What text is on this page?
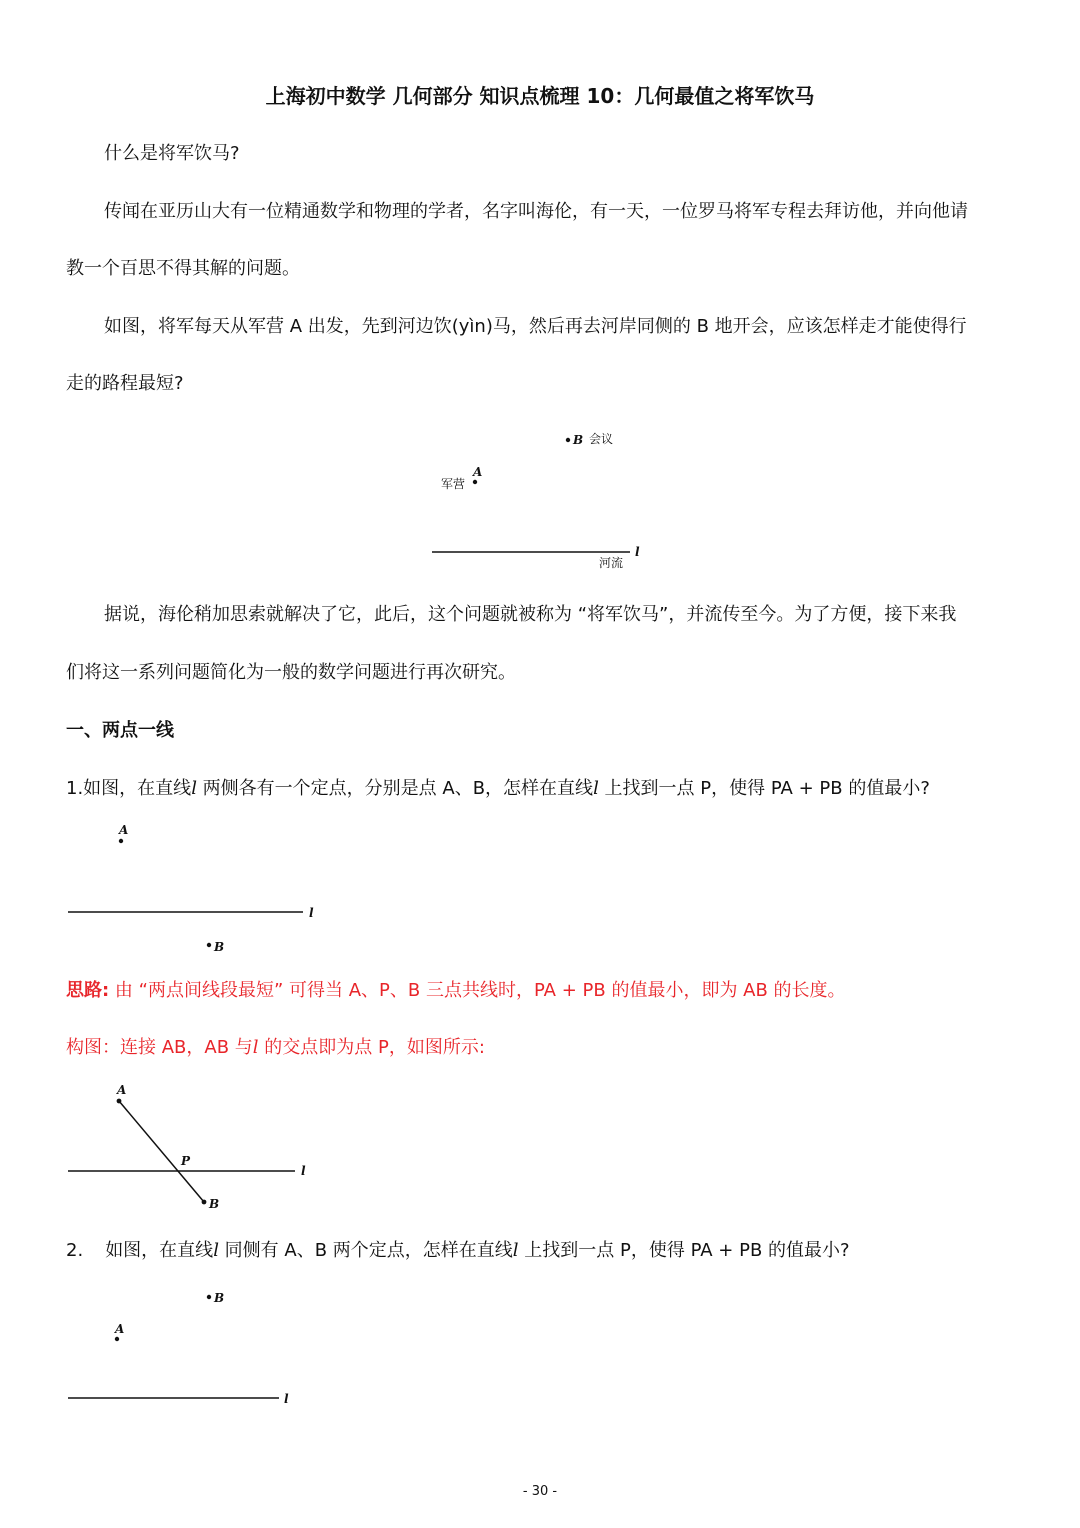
上海初中数学 几何部分 知识点梳理 10：几何最值之将军饮马
什么是将军饮马?
传闻在亚历山大有一位精通数学和物理的学者，名字叫海伦，有一天，一位罗马将军专程去拜访他，并向他请
教一个百思不得其解的问题。
如图，将军每天从军营 A 出发，先到河边饮(yìn)马，然后再去河岸同侧的 B 地开会，应该怎样走才能使得行
走的路程最短?
B 会议
A
军营
l
河流
据说，海伦稍加思索就解决了它，此后，这个问题就被称为 “将军饮马”，并流传至今。为了方便，接下来我
们将这一系列问题简化为一般的数学问题进行再次研究。
一、两点一线
1.如图，在直线l 两侧各有一个定点，分别是点 A、B，怎样在直线l 上找到一点 P，使得 PA + PB 的值最小?
A
l
B
思路: 由 “两点间线段最短” 可得当 A、P、B 三点共线时，PA + PB 的值最小，即为 AB 的长度。
构图：连接 AB，AB 与l 的交点即为点 P，如图所示:
A
P
l
B
2. 如图，在直线l 同侧有 A、B 两个定点，怎样在直线l 上找到一点 P，使得 PA + PB 的值最小?
B
A
l
- 30 -
